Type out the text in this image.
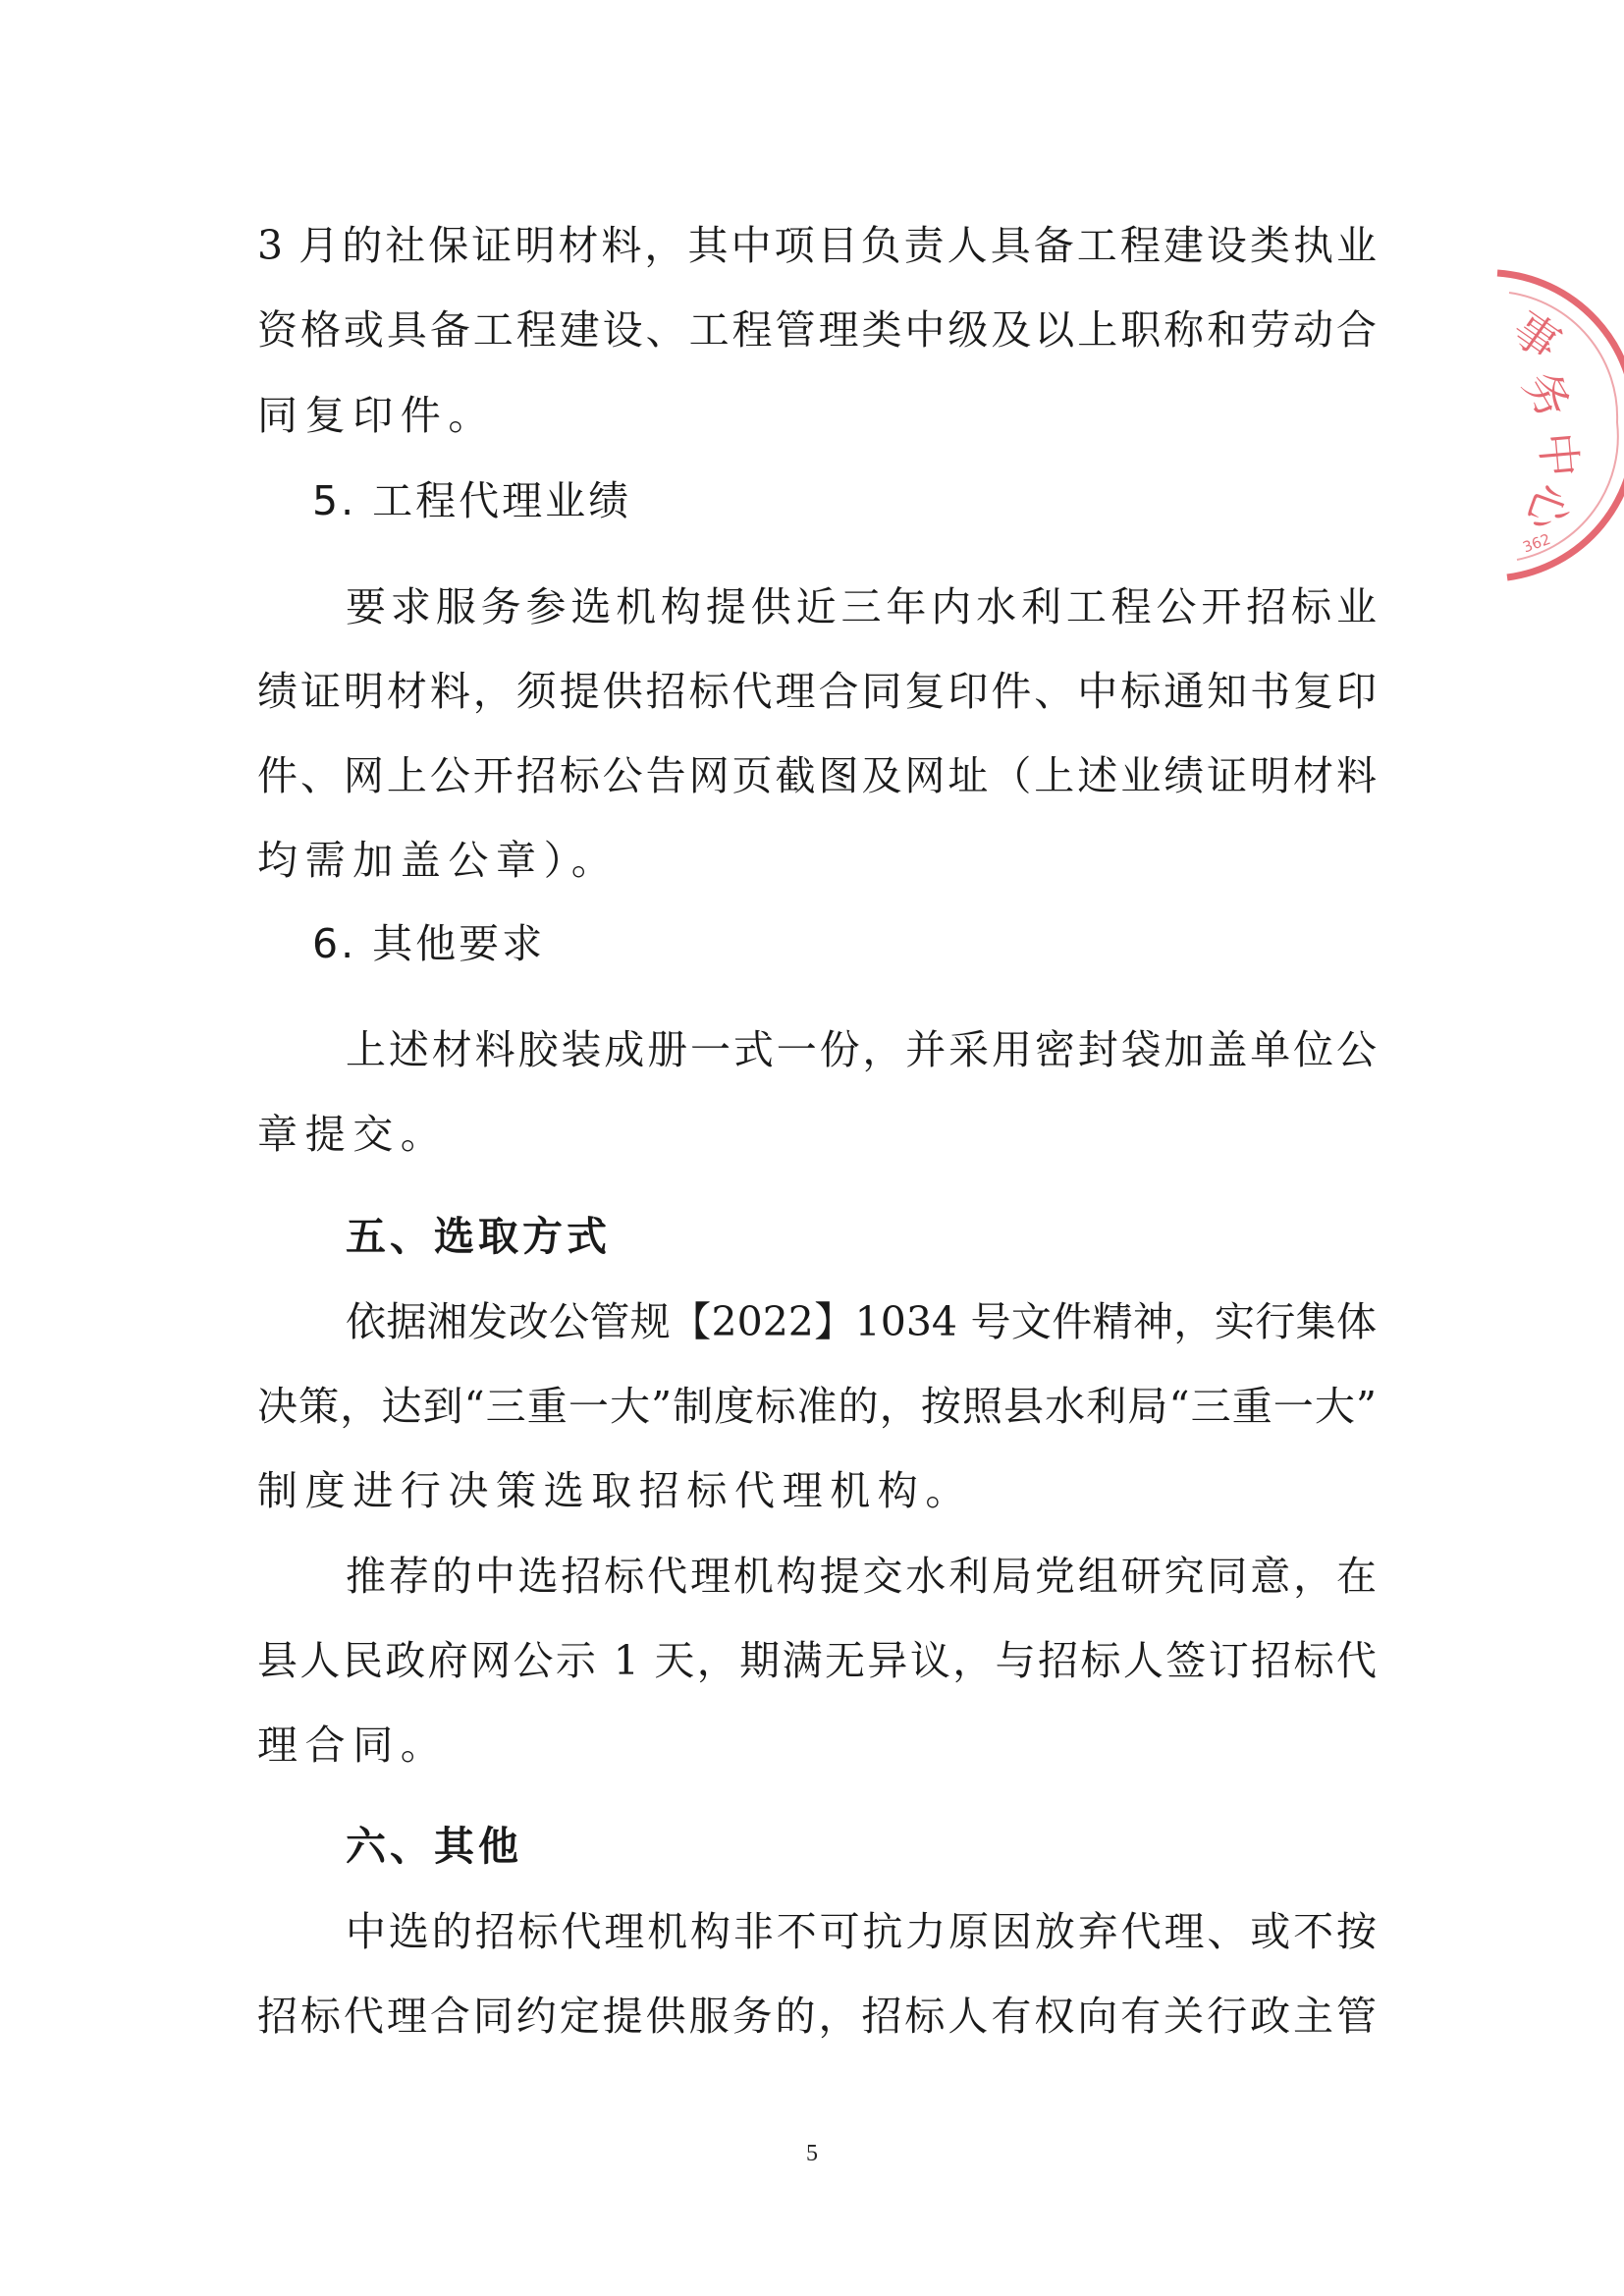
3 月的社保证明材料，其中项目负责人具备工程建设类执业
资格或具备工程建设、工程管理类中级及以上职称和劳动合
同复印件。
5. 工程代理业绩
要求服务参选机构提供近三年内水利工程公开招标业
绩证明材料，须提供招标代理合同复印件、中标通知书复印
件、网上公开招标公告网页截图及网址（上述业绩证明材料
均需加盖公章）。
6. 其他要求
上述材料胶装成册一式一份，并采用密封袋加盖单位公
章提交。
五、选取方式
依据湘发改公管规【2022】1034 号文件精神，实行集体
决策，达到“三重一大”制度标准的，按照县水利局“三重一大”
制度进行决策选取招标代理机构。
推荐的中选招标代理机构提交水利局党组研究同意，在
县人民政府网公示 1 天，期满无异议，与招标人签订招标代
理合同。
六、其他
中选的招标代理机构非不可抗力原因放弃代理、或不按
招标代理合同约定提供服务的，招标人有权向有关行政主管
5
事
务
中
心
362
